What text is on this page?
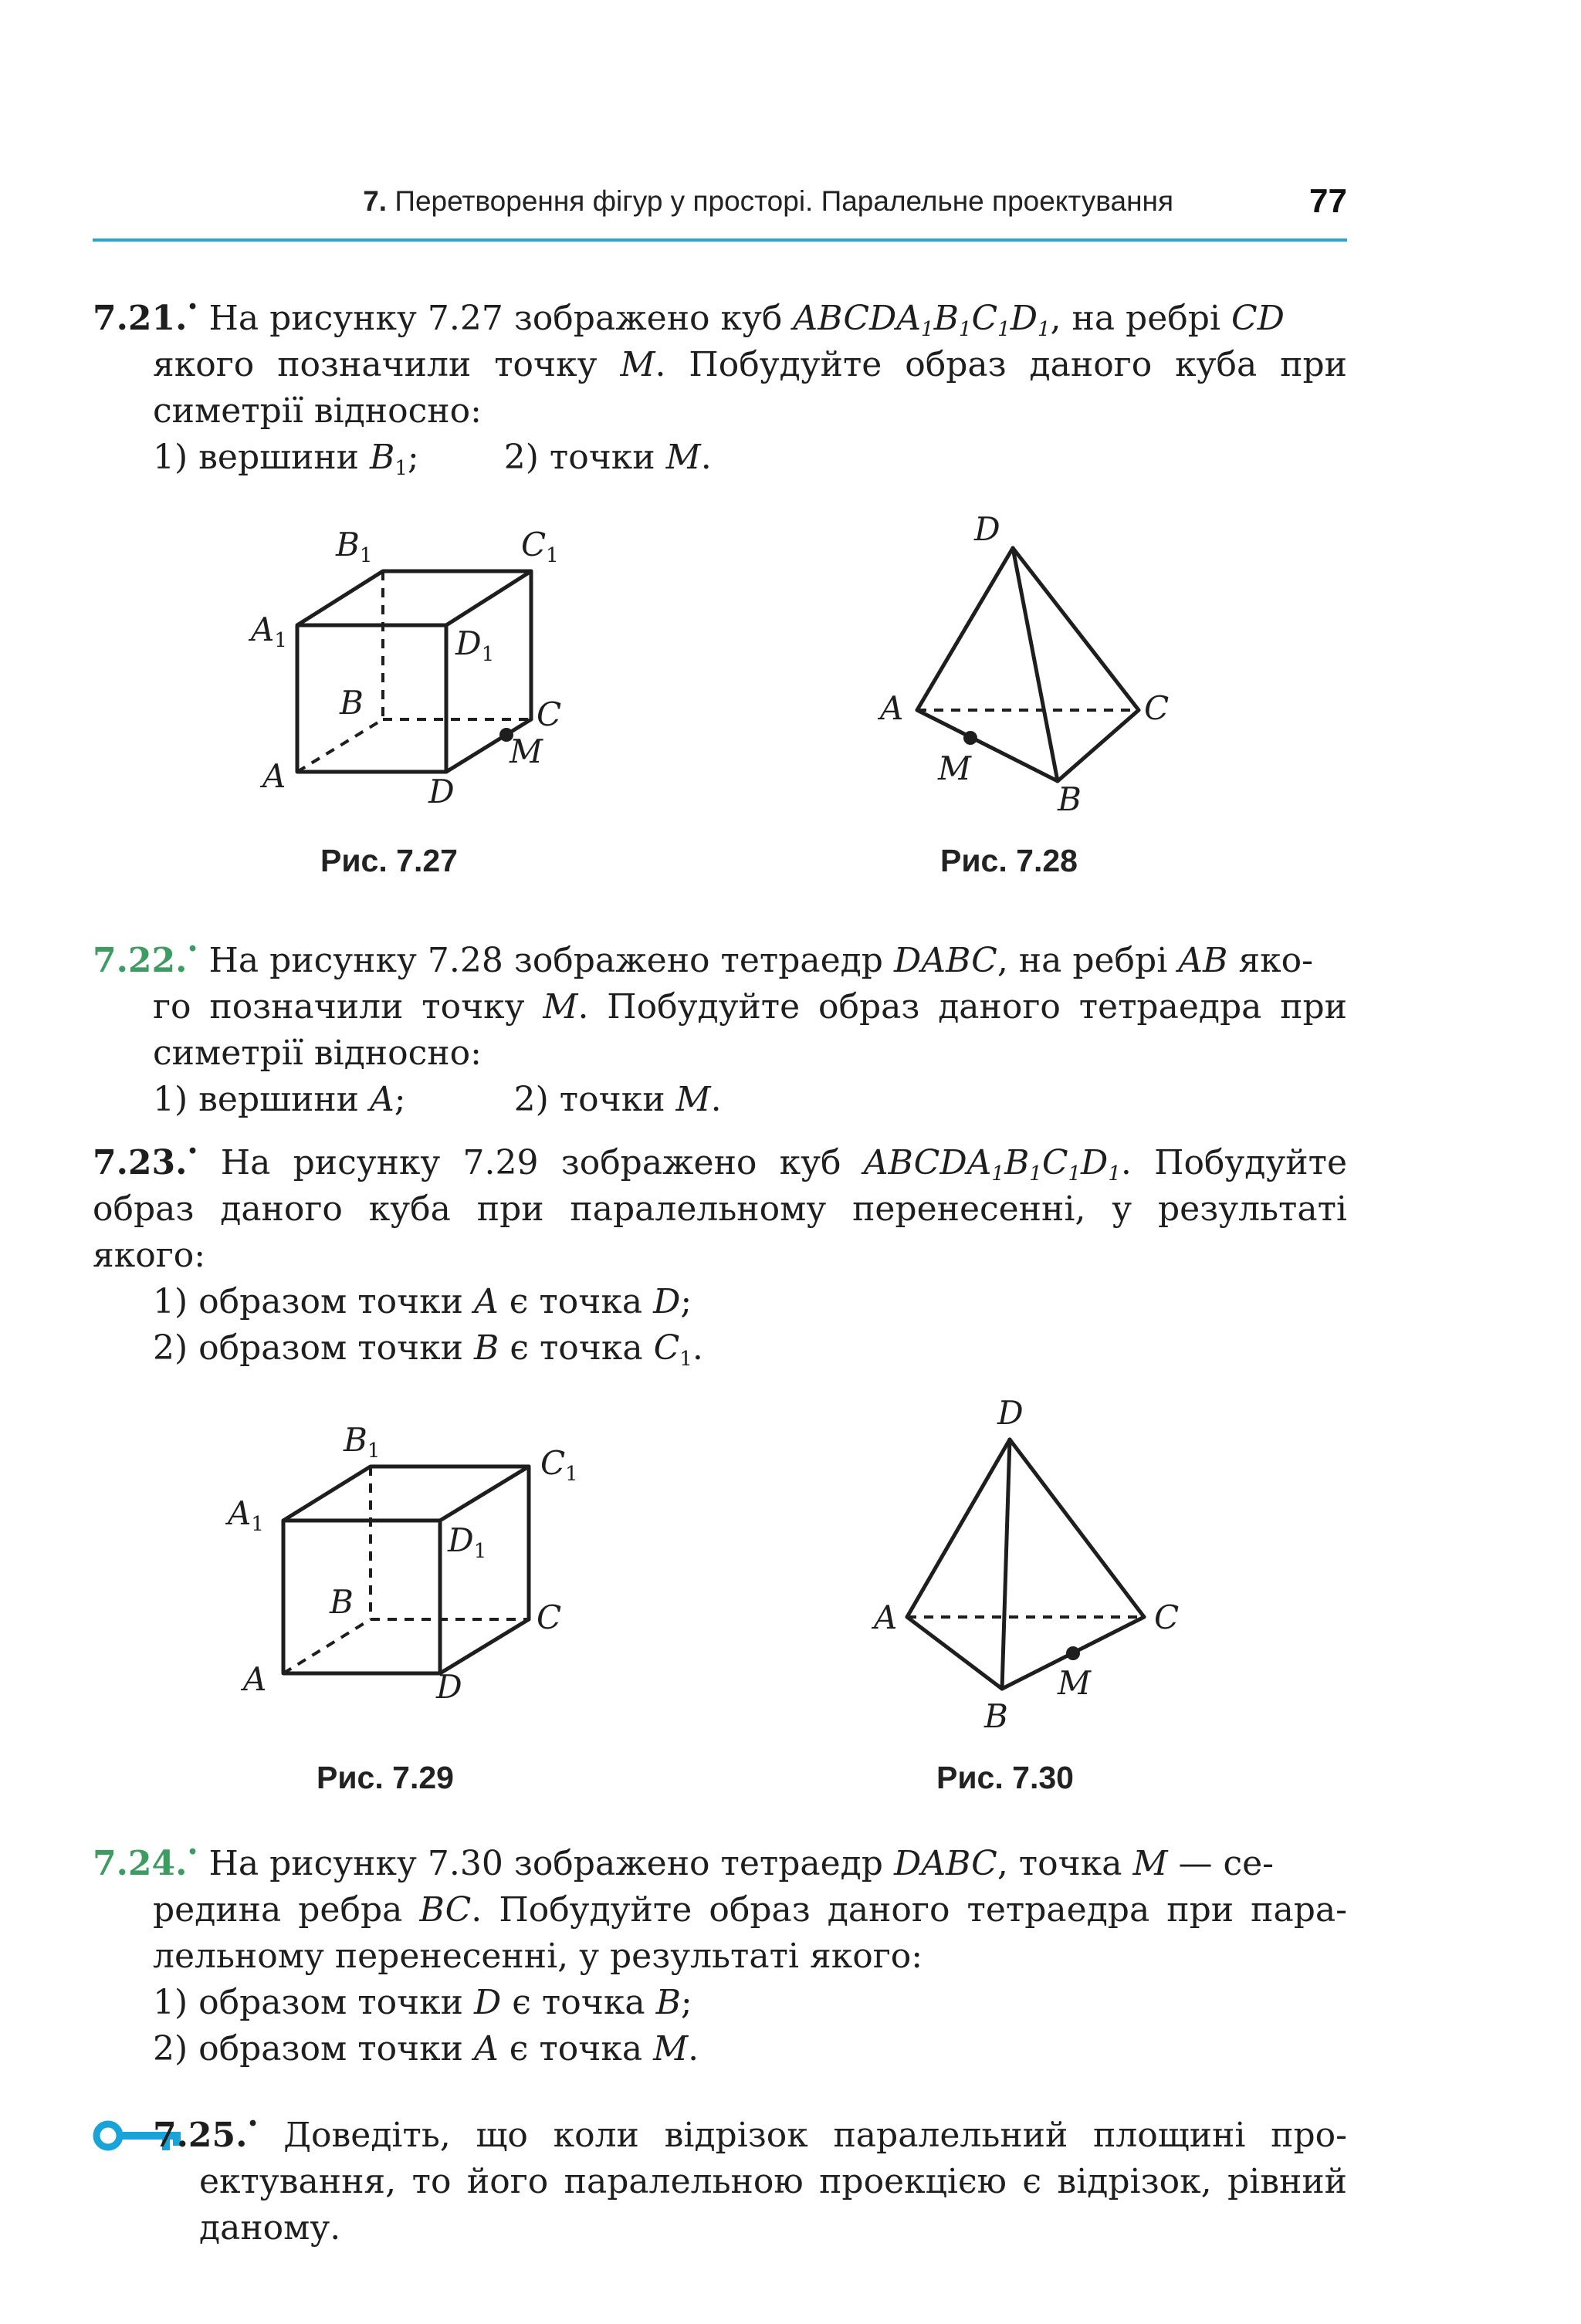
7. Перетворення фігур у просторі. Паралельне проектування	77

7.21.• На рисунку 7.27 зображено куб $ABCDA_1B_1C_1D_1$, на ребрі CD

якого позначили точку M. Побудуйте образ даного куба при симетрії відносно:

1) вершини $B_1$;	2) точки M.

B1	C1
A1	D1
B	C
M
A	D
Рис. 7.27
D
A	C
M
B
Рис. 7.28

7.22.• На рисунку 7.28 зображено тетраедр DABC, на ребрі AB яко-

го позначили точку M. Побудуйте образ даного тетраедра при симетрії відносно:

1) вершини A;	2) точки M.

7.23.• На рисунку 7.29 зображено куб $ABCDA_1B_1C_1D_1$. Побудуйте образ даного куба при паралельному перенесенні, у результаті якого:

1) образом точки A є точка D;

2) образом точки B є точка $C_1$.

B1	C1
A1	D1
B	C
A	D
Рис. 7.29
D
A	C
M
B
Рис. 7.30

7.24.• На рисунку 7.30 зображено тетраедр DABC, точка M — се-

редина ребра BC. Побудуйте образ даного тетраедра при пара-лельному перенесенні, у результаті якого:

1) образом точки D є точка B;

2) образом точки A є точка M.

7.25.• Доведіть, що коли відрізок паралельний площині про-ектування, то його паралельною проекцією є відрізок, рівний даному.
